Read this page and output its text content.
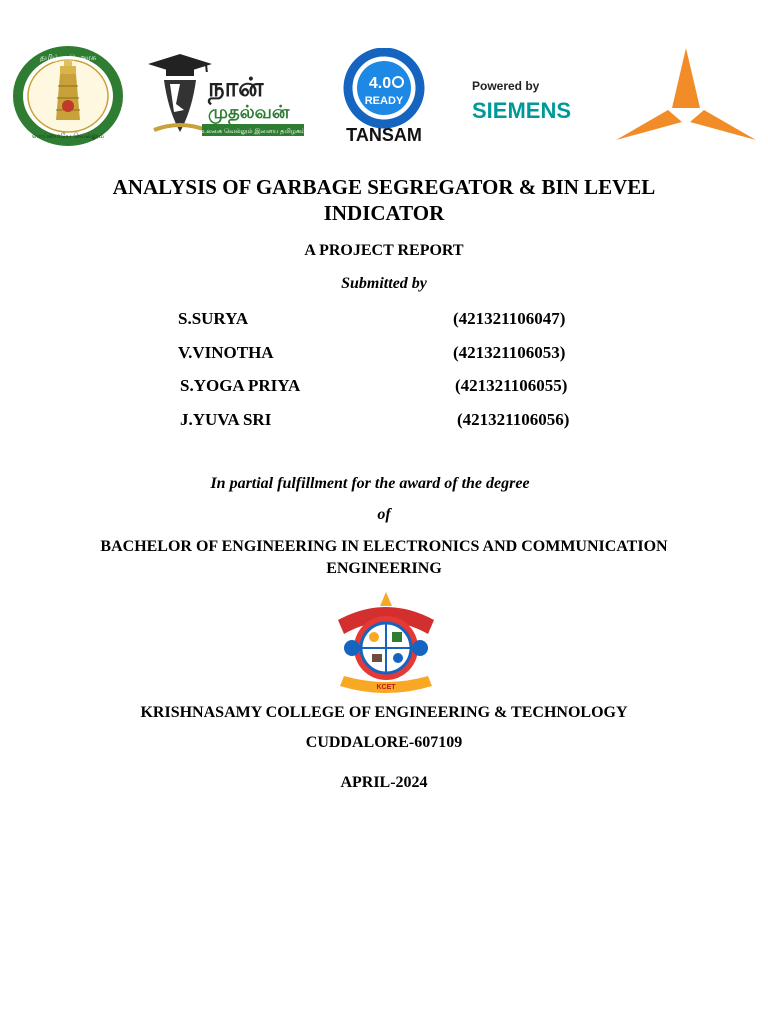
தமிழ்நாடு அரசு
வாய்மையே வெல்லும்
நான்
முதல்வன்
உலகை வெல்லும் இளைய தமிழகம்
4.0
READY
TANSAM
Powered by
SIEMENS
TIDCO
ANALYSIS OF GARBAGE SEGREGATOR & BIN LEVEL
INDICATOR
A PROJECT REPORT
Submitted by
S.SURYA	(421321106047)
V.VINOTHA	(421321106053)
S.YOGA PRIYA	(421321106055)
J.YUVA SRI	(421321106056)
In partial fulfillment for the award of the degree
of
BACHELOR OF ENGINEERING IN ELECTRONICS AND COMMUNICATION
ENGINEERING
KCET
KRISHNASAMY COLLEGE OF ENGINEERING & TECHNOLOGY
CUDDALORE-607109
APRIL-2024
